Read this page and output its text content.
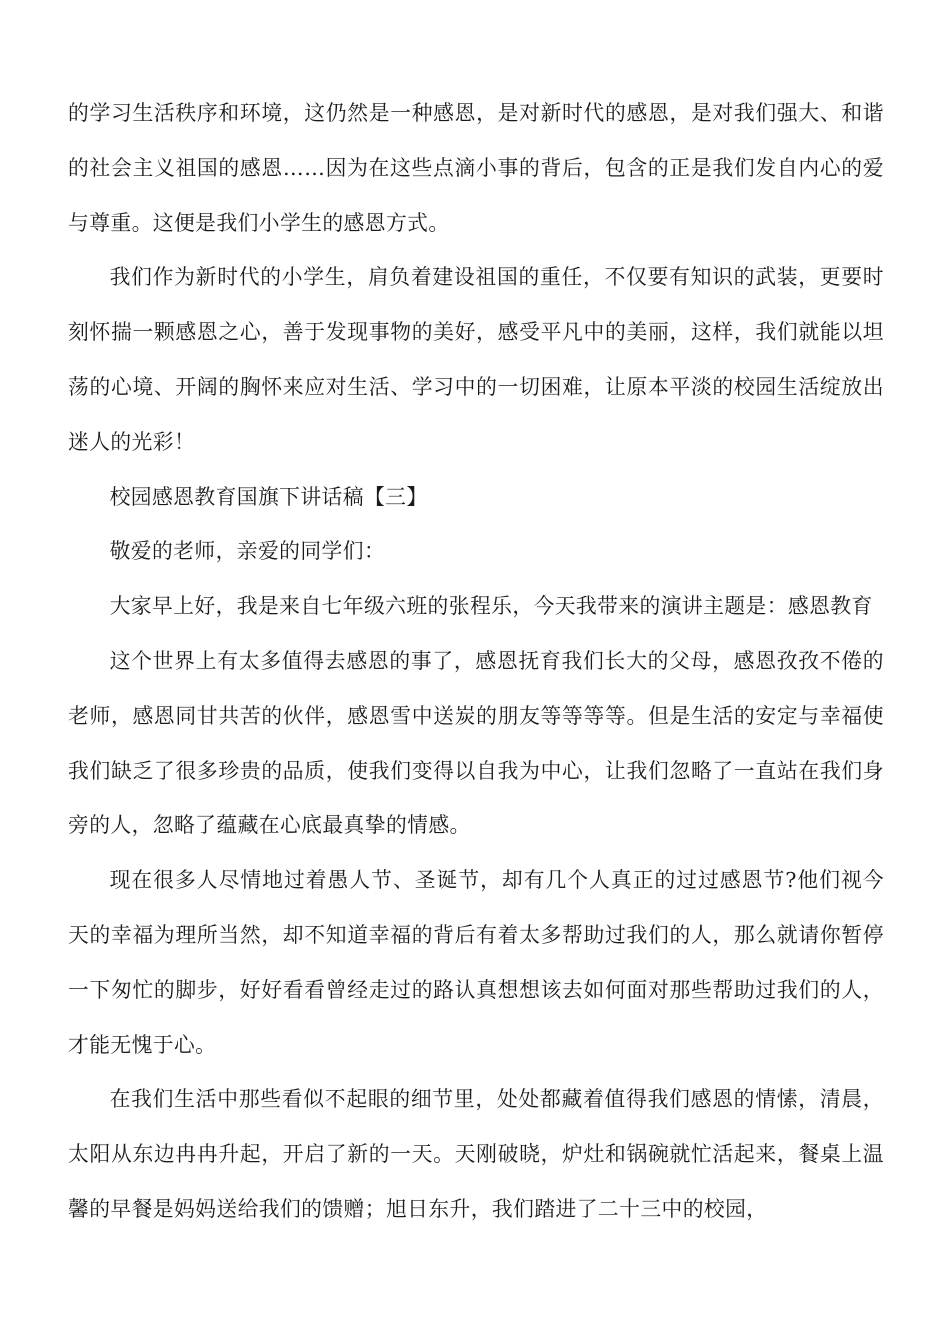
的学习生活秩序和环境，这仍然是一种感恩，是对新时代的感恩，是对我们强大、和谐的社会主义祖国的感恩……因为在这些点滴小事的背后，包含的正是我们发自内心的爱与尊重。这便是我们小学生的感恩方式。

我们作为新时代的小学生，肩负着建设祖国的重任，不仅要有知识的武装，更要时刻怀揣一颗感恩之心，善于发现事物的美好，感受平凡中的美丽，这样，我们就能以坦荡的心境、开阔的胸怀来应对生活、学习中的一切困难，让原本平淡的校园生活绽放出迷人的光彩！

校园感恩教育国旗下讲话稿【三】

敬爱的老师，亲爱的同学们：

大家早上好，我是来自七年级六班的张程乐，今天我带来的演讲主题是：感恩教育

这个世界上有太多值得去感恩的事了，感恩抚育我们长大的父母，感恩孜孜不倦的老师，感恩同甘共苦的伙伴，感恩雪中送炭的朋友等等等等。但是生活的安定与幸福使我们缺乏了很多珍贵的品质，使我们变得以自我为中心，让我们忽略了一直站在我们身旁的人，忽略了蕴藏在心底最真挚的情感。

现在很多人尽情地过着愚人节、圣诞节，却有几个人真正的过过感恩节?他们视今天的幸福为理所当然，却不知道幸福的背后有着太多帮助过我们的人，那么就请你暂停一下匆忙的脚步，好好看看曾经走过的路认真想想该去如何面对那些帮助过我们的人，才能无愧于心。

在我们生活中那些看似不起眼的细节里，处处都藏着值得我们感恩的情愫，清晨，太阳从东边冉冉升起，开启了新的一天。天刚破晓，炉灶和锅碗就忙活起来，餐桌上温馨的早餐是妈妈送给我们的馈赠；旭日东升，我们踏进了二十三中的校园，
